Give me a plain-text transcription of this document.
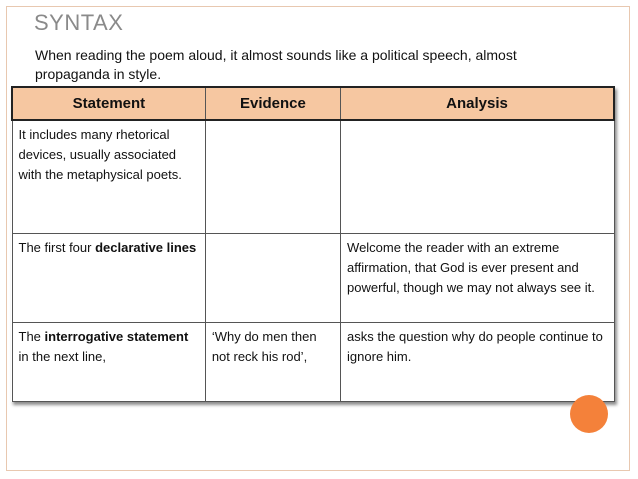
SYNTAX
When reading the poem aloud, it almost sounds like a political speech, almost propaganda in style.
Statement	Evidence	Analysis
It includes many rhetorical devices, usually associated with the metaphysical poets.		
The first four declarative lines		Welcome the reader with an extreme affirmation, that God is ever present and powerful, though we may not always see it.
The interrogative statement in the next line,	‘Why do men then not reck his rod’,	asks the question why do people continue to ignore him.
